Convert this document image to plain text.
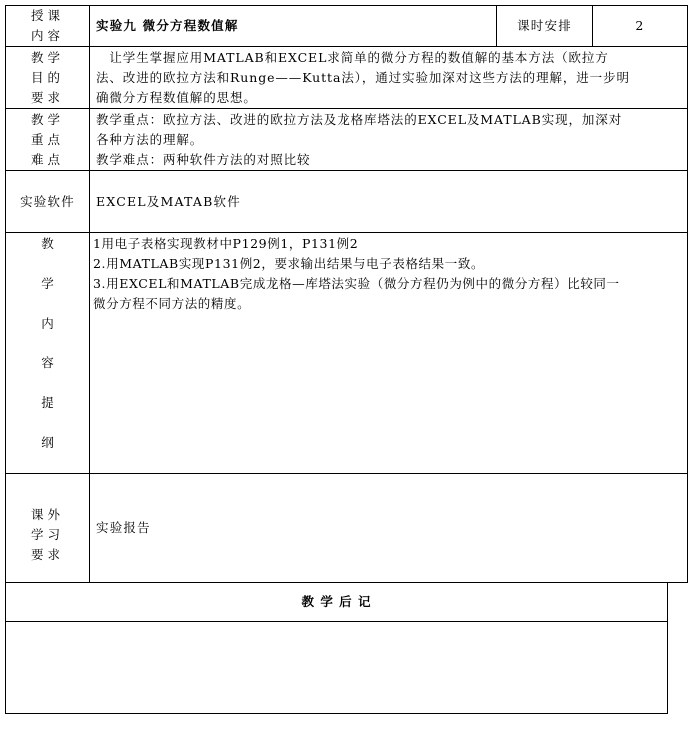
授课
内容
实验九 微分方程数值解	课时安排	2
教学
目的
要求
　让学生掌握应用MATLAB和EXCEL求简单的微分方程的数值解的基本方法（欧拉方
法、改进的欧拉方法和Runge——Kutta法），通过实验加深对这些方法的理解，进一步明
确微分方程数值解的思想。
教学
重点
难点
教学重点：欧拉方法、改进的欧拉方法及龙格库塔法的EXCEL及MATLAB实现，加深对
各种方法的理解。
教学难点：两种软件方法的对照比较
实验软件 EXCEL及MATAB软件
教
学
内
容
提
纲
1用电子表格实现教材中P129例1，P131例2
2.用MATLAB实现P131例2，要求输出结果与电子表格结果一致。
3.用EXCEL和MATLAB完成龙格—库塔法实验（微分方程仍为例中的微分方程）比较同一
微分方程不同方法的精度。
课外
学习
要求
实验报告
教 学 后 记
